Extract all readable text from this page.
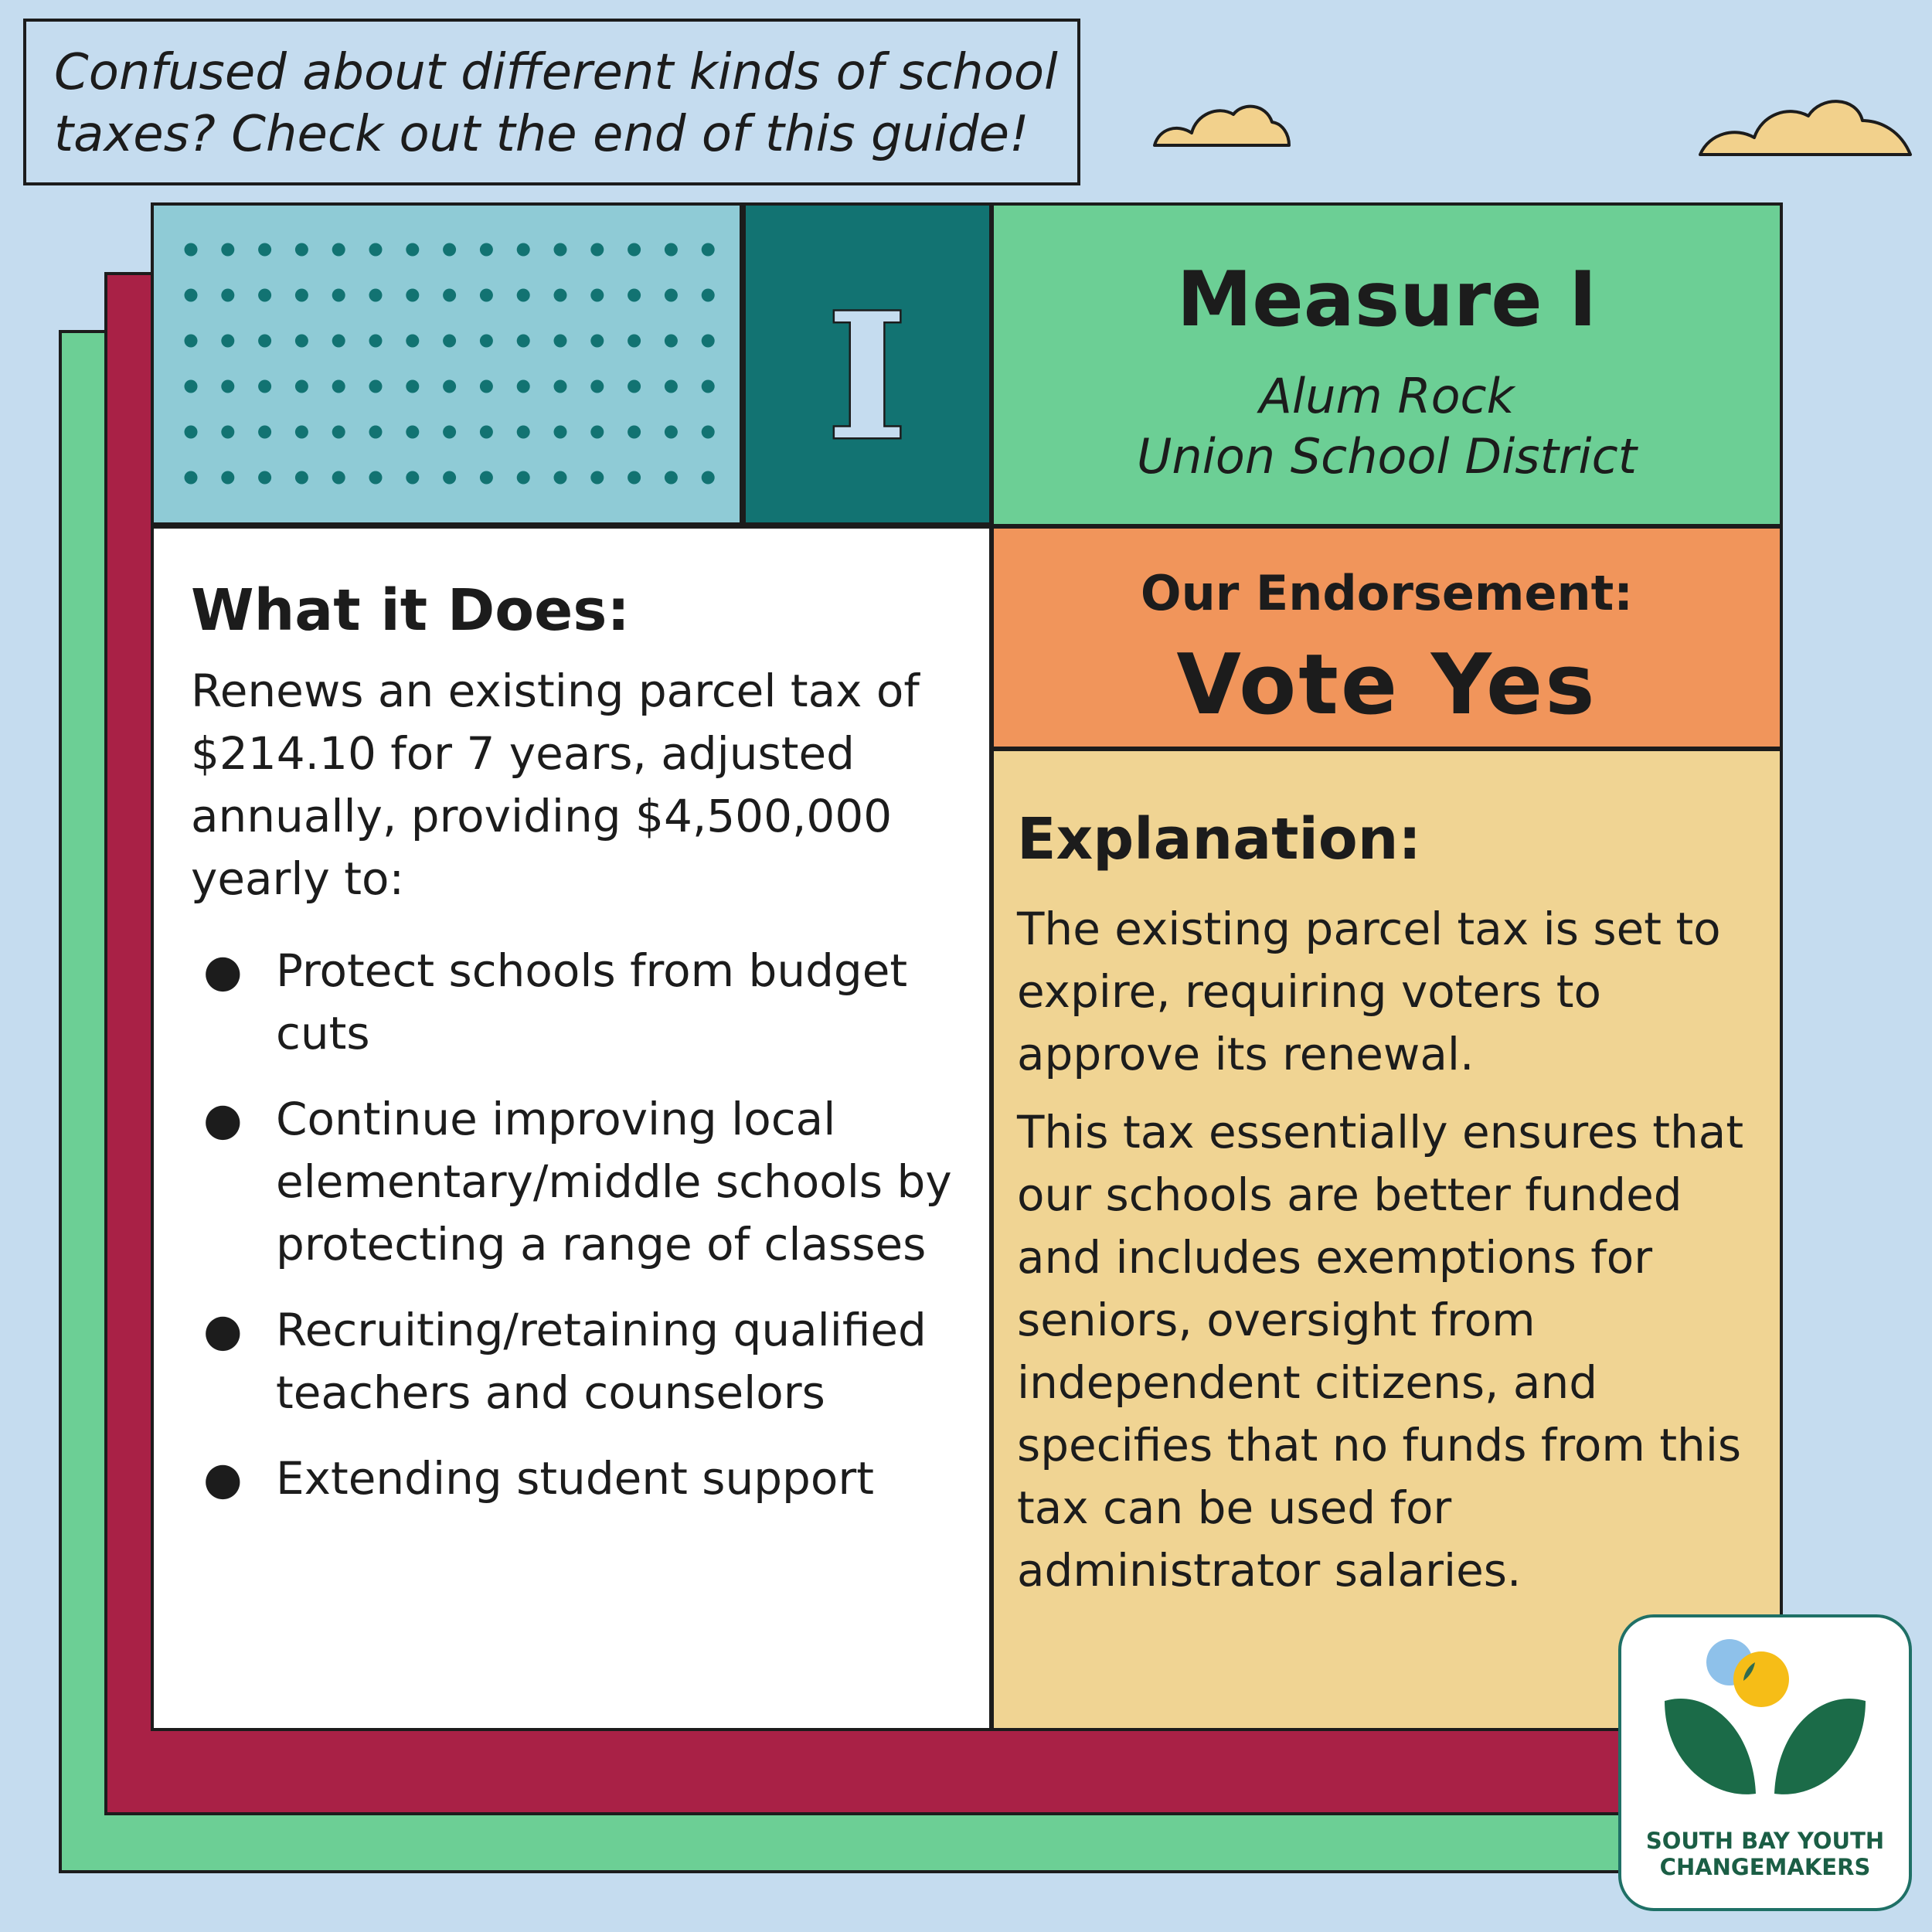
Confused about different kinds of school
taxes? Check out the end of this guide!
I	Measure I
Alum Rock
Union School District
Our Endorsement:
Vote Yes
What it Does:
Renews an existing parcel tax of $214.10 for 7 years, adjusted annually, providing $4,500,000 yearly to:
● Protect schools from budget cuts
● Continue improving local elementary/middle schools by protecting a range of classes
● Recruiting/retaining qualified teachers and counselors
● Extending student support
Explanation:

The existing parcel tax is set to expire, requiring voters to approve its renewal.

This tax essentially ensures that our schools are better funded and includes exemptions for seniors, oversight from independent citizens, and specifies that no funds from this tax can be used for administrator salaries.

SOUTH BAY YOUTH
CHANGEMAKERS
